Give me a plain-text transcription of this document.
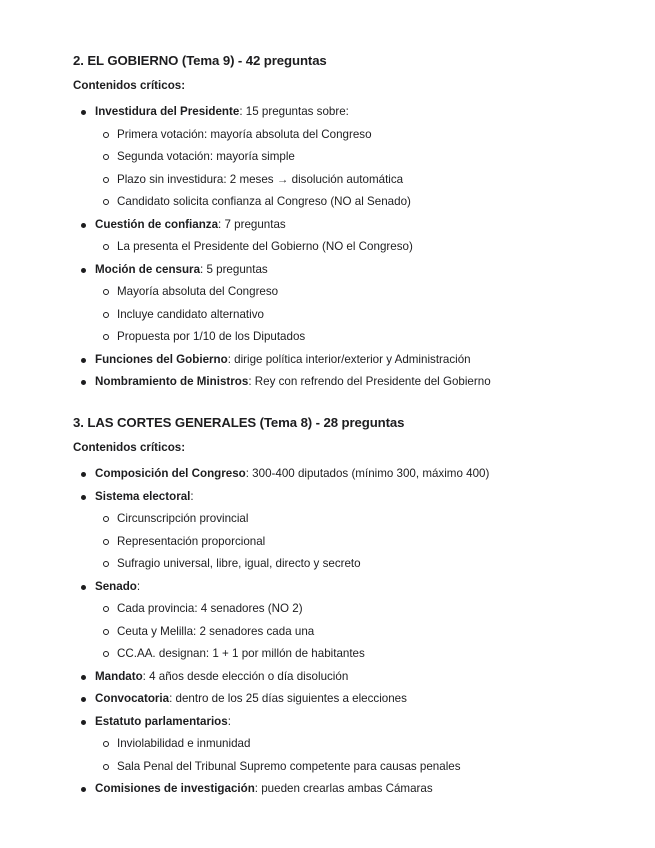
2. EL GOBIERNO (Tema 9) - 42 preguntas

Contenidos críticos:

Investidura del Presidente: 15 preguntas sobre:
Primera votación: mayoría absoluta del Congreso
Segunda votación: mayoría simple
Plazo sin investidura: 2 meses → disolución automática
Candidato solicita confianza al Congreso (NO al Senado)
Cuestión de confianza: 7 preguntas
La presenta el Presidente del Gobierno (NO el Congreso)
Moción de censura: 5 preguntas
Mayoría absoluta del Congreso
Incluye candidato alternativo
Propuesta por 1/10 de los Diputados
Funciones del Gobierno: dirige política interior/exterior y Administración
Nombramiento de Ministros: Rey con refrendo del Presidente del Gobierno
3. LAS CORTES GENERALES (Tema 8) - 28 preguntas

Contenidos críticos:

Composición del Congreso: 300-400 diputados (mínimo 300, máximo 400)
Sistema electoral:
Circunscripción provincial
Representación proporcional
Sufragio universal, libre, igual, directo y secreto
Senado:
Cada provincia: 4 senadores (NO 2)
Ceuta y Melilla: 2 senadores cada una
CC.AA. designan: 1 + 1 por millón de habitantes
Mandato: 4 años desde elección o día disolución
Convocatoria: dentro de los 25 días siguientes a elecciones
Estatuto parlamentarios:
Inviolabilidad e inmunidad
Sala Penal del Tribunal Supremo competente para causas penales
Comisiones de investigación: pueden crearlas ambas Cámaras
